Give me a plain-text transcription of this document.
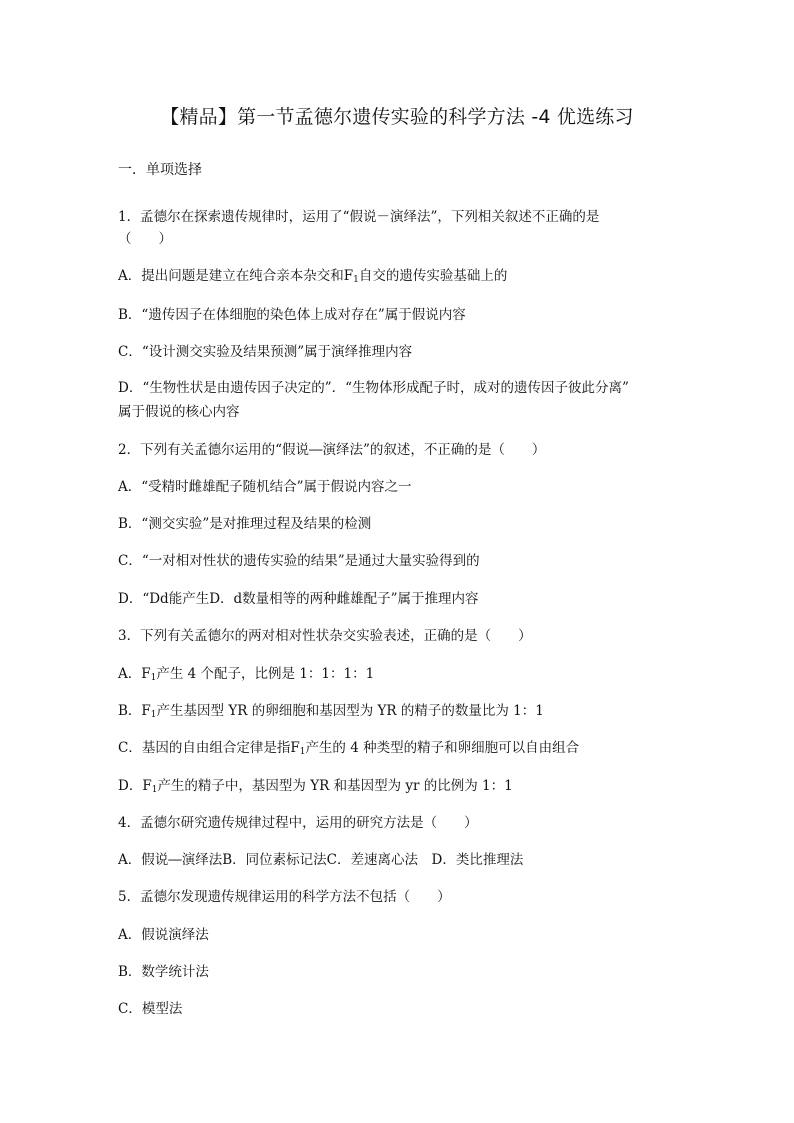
【精品】第一节孟德尔遗传实验的科学方法 -4 优选练习
一．单项选择
1．孟德尔在探索遗传规律时，运用了“假说－演绎法”，下列相关叙述不正确的是
（　　）
A．提出问题是建立在纯合亲本杂交和$F_1$自交的遗传实验基础上的
B．“遗传因子在体细胞的染色体上成对存在”属于假说内容
C．“设计测交实验及结果预测”属于演绎推理内容
D．“生物性状是由遗传因子决定的”．“生物体形成配子时，成对的遗传因子彼此分离”
属于假说的核心内容
2．下列有关孟德尔运用的“假说―演绎法”的叙述，不正确的是（　　）
A．“受精时雌雄配子随机结合”属于假说内容之一
B．“测交实验”是对推理过程及结果的检测
C．“一对相对性状的遗传实验的结果”是通过大量实验得到的
D．“Dd能产生D．d数量相等的两种雌雄配子”属于推理内容
3．下列有关孟德尔的两对相对性状杂交实验表述，正确的是（　　）
A．$F_1$产生 4 个配子，比例是 1：1：1：1
B．$F_1$产生基因型 YR 的卵细胞和基因型为 YR 的精子的数量比为 1：1
C．基因的自由组合定律是指$F_1$产生的 4 种类型的精子和卵细胞可以自由组合
D．$F_1$产生的精子中，基因型为 YR 和基因型为 yr 的比例为 1：1
4．孟德尔研究遗传规律过程中，运用的研究方法是（　　）
A．假说―演绎法B．同位素标记法C．差速离心法　D．类比推理法
5．孟德尔发现遗传规律运用的科学方法不包括（　　）
A．假说演绎法
B．数学统计法
C．模型法
